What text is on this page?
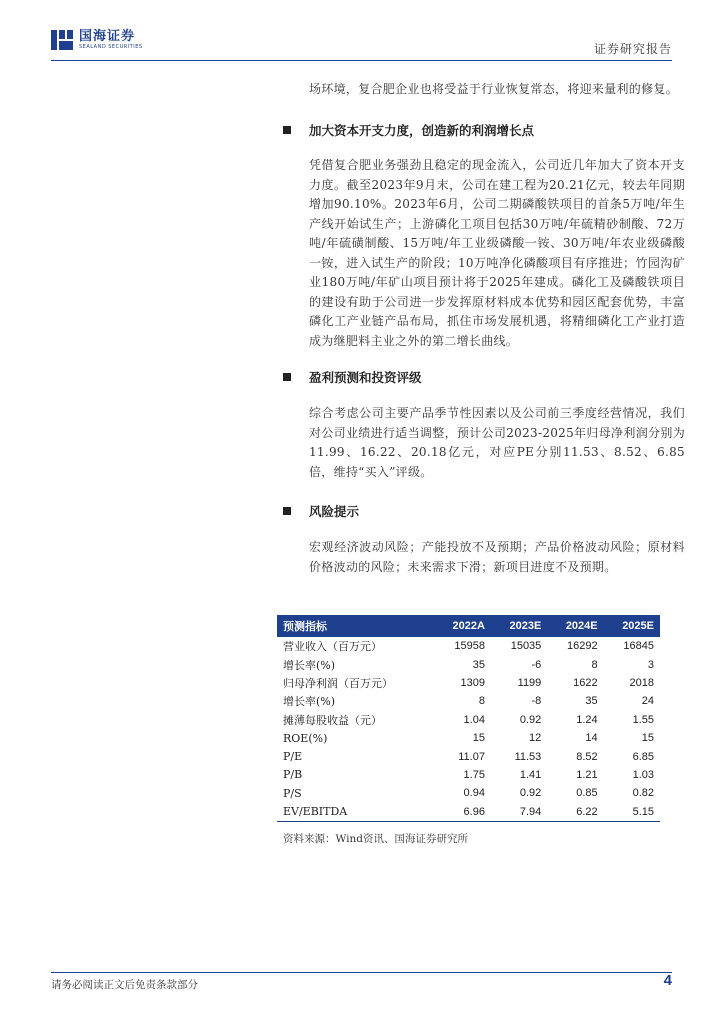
国海证券
SEALAND SECURITIES	证券研究报告
场环境，复合肥企业也将受益于行业恢复常态，将迎来量利的修复。
加大资本开支力度，创造新的利润增长点
凭借复合肥业务强劲且稳定的现金流入，公司近几年加大了资本开支力度。截至2023年9月末，公司在建工程为20.21亿元，较去年同期增加90.10%。2023年6月，公司二期磷酸铁项目的首条5万吨/年生产线开始试生产；上游磷化工项目包括30万吨/年硫精砂制酸、72万吨/年硫磺制酸、15万吨/年工业级磷酸一铵、30万吨/年农业级磷酸一铵，进入试生产的阶段；10万吨净化磷酸项目有序推进；竹园沟矿业180万吨/年矿山项目预计将于2025年建成。磷化工及磷酸铁项目的建设有助于公司进一步发挥原材料成本优势和园区配套优势，丰富磷化工产业链产品布局，抓住市场发展机遇，将精细磷化工产业打造成为继肥料主业之外的第二增长曲线。
盈利预测和投资评级
综合考虑公司主要产品季节性因素以及公司前三季度经营情况，我们对公司业绩进行适当调整，预计公司2023-2025年归母净利润分别为11.99、16.22、20.18亿元，对应PE分别11.53、8.52、6.85倍，维持“买入”评级。
风险提示
宏观经济波动风险；产能投放不及预期；产品价格波动风险；原材料价格波动的风险；未来需求下滑；新项目进度不及预期。
预测指标	2022A	2023E	2024E	2025E
营业收入（百万元）	15958	15035	16292	16845
增长率(%)	35	-6	8	3
归母净利润（百万元）	1309	1199	1622	2018
增长率(%)	8	-8	35	24
摊薄每股收益（元）	1.04	0.92	1.24	1.55
ROE(%)	15	12	14	15
P/E	11.07	11.53	8.52	6.85
P/B	1.75	1.41	1.21	1.03
P/S	0.94	0.92	0.85	0.82
EV/EBITDA	6.96	7.94	6.22	5.15
资料来源：Wind资讯、国海证券研究所
请务必阅读正文后免责条款部分	4
